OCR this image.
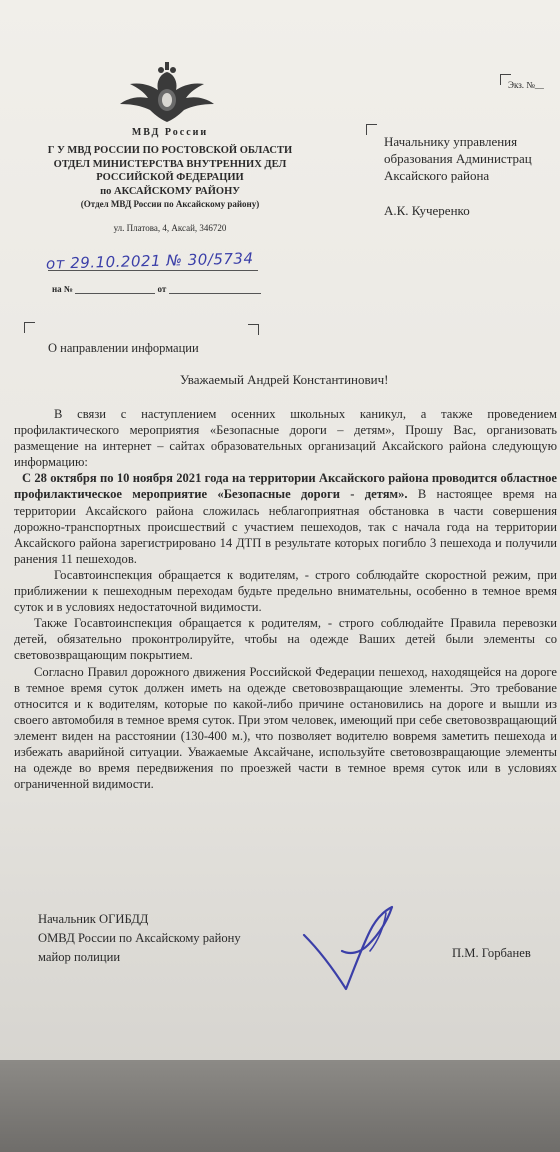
Экз. №__
МВД России
Г У МВД РОССИИ ПО РОСТОВСКОЙ ОБЛАСТИ
ОТДЕЛ МИНИСТЕРСТВА ВНУТРЕННИХ ДЕЛ
РОССИЙСКОЙ ФЕДЕРАЦИИ
по АКСАЙСКОМУ РАЙОНУ
(Отдел МВД России по Аксайскому району)
ул. Платова, 4, Аксай, 346720
от 29.10.2021 № 30/5734
на №	от
Начальнику управления
образования Администрац
Аксайского района
А.К. Кучеренко
О направлении информации
Уважаемый Андрей Константинович!

В связи с наступлением осенних школьных каникул, а также проведением профилактического мероприятия «Безопасные дороги – детям», Прошу Вас, организовать размещение на интернет – сайтах образовательных организаций Аксайского района следующую информацию:

С 28 октября по 10 ноября 2021 года на территории Аксайского района проводится областное профилактическое мероприятие «Безопасные дороги - детям». В настоящее время на территории Аксайского района сложилась неблагоприятная обстановка в части совершения дорожно-транспортных происшествий с участием пешеходов, так с начала года на территории Аксайского района зарегистрировано 14 ДТП в результате которых погибло 3 пешехода и получили ранения 11 пешеходов.

Госавтоинспекция обращается к водителям, - строго соблюдайте скоростной режим, при приближении к пешеходным переходам будьте предельно внимательны, особенно в темное время суток и в условиях недостаточной видимости.

Также Госавтоинспекция обращается к родителям, - строго соблюдайте Правила перевозки детей, обязательно проконтролируйте, чтобы на одежде Ваших детей были элементы со световозвращающим покрытием.

Согласно Правил дорожного движения Российской Федерации пешеход, находящейся на дороге в темное время суток должен иметь на одежде световозвращающие элементы. Это требование относится и к водителям, которые по какой-либо причине остановились на дороге и вышли из своего автомобиля в темное время суток. При этом человек, имеющий при себе световозвращающий элемент виден на расстоянии (130-400 м.), что позволяет водителю вовремя заметить пешехода и избежать аварийной ситуации. Уважаемые Аксайчане, используйте световозвращающие элементы на одежде во время передвижения по проезжей части в темное время суток или в условиях ограниченной видимости.

Начальник ОГИБДД
ОМВД России по Аксайскому району
майор полиции	П.М. Горбанев
